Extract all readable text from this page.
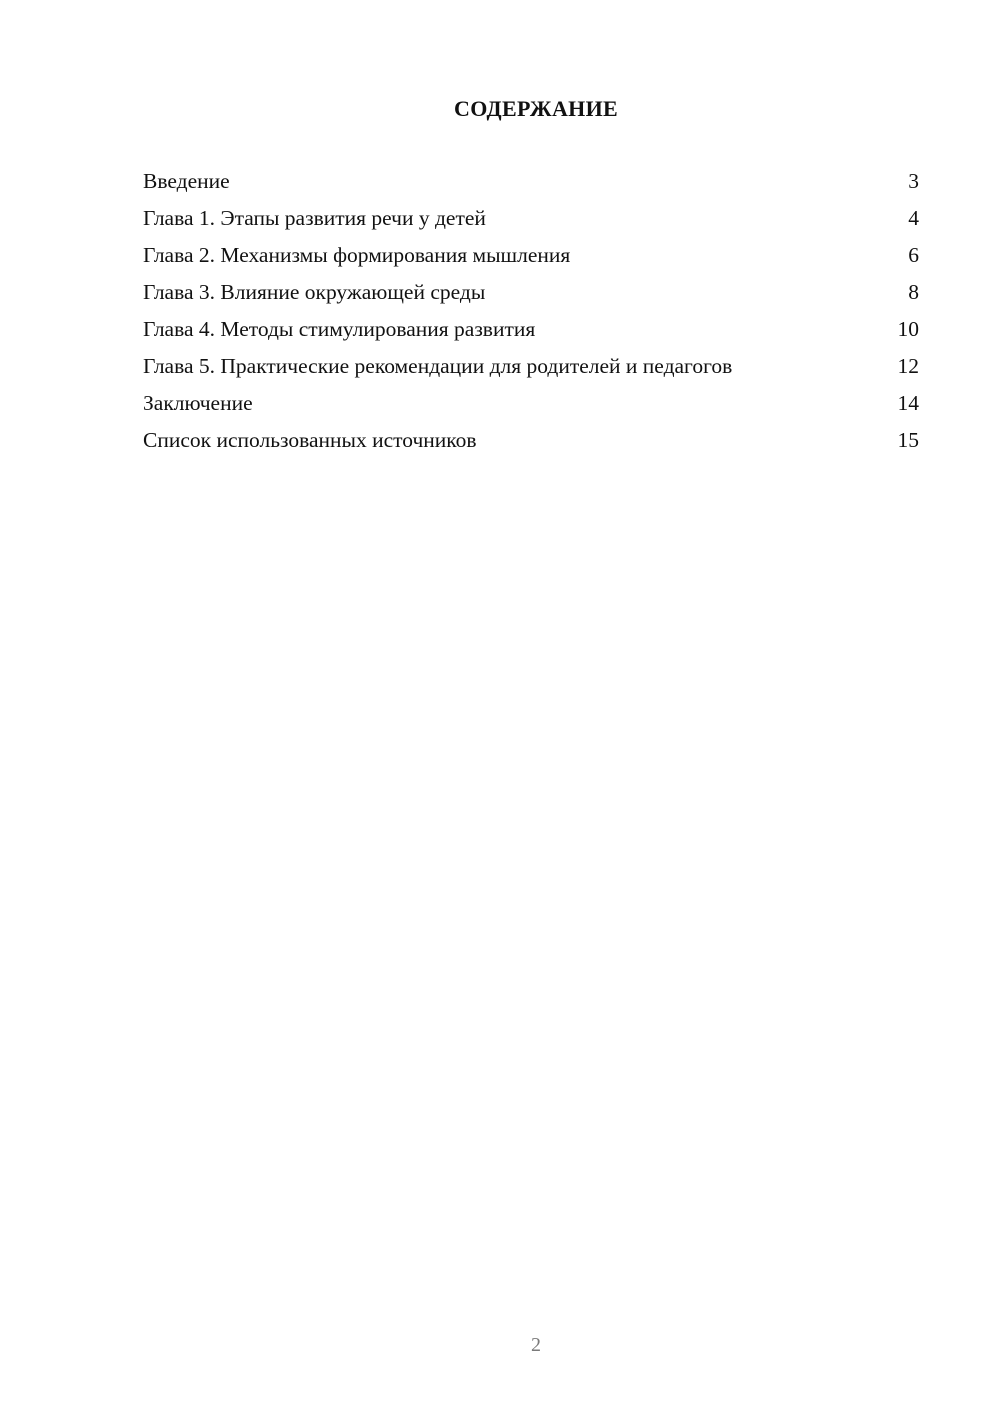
СОДЕРЖАНИЕ
Введение	3
Глава 1. Этапы развития речи у детей	4
Глава 2. Механизмы формирования мышления	6
Глава 3. Влияние окружающей среды	8
Глава 4. Методы стимулирования развития	10
Глава 5. Практические рекомендации для родителей и педагогов	12
Заключение	14
Список использованных источников	15
2
